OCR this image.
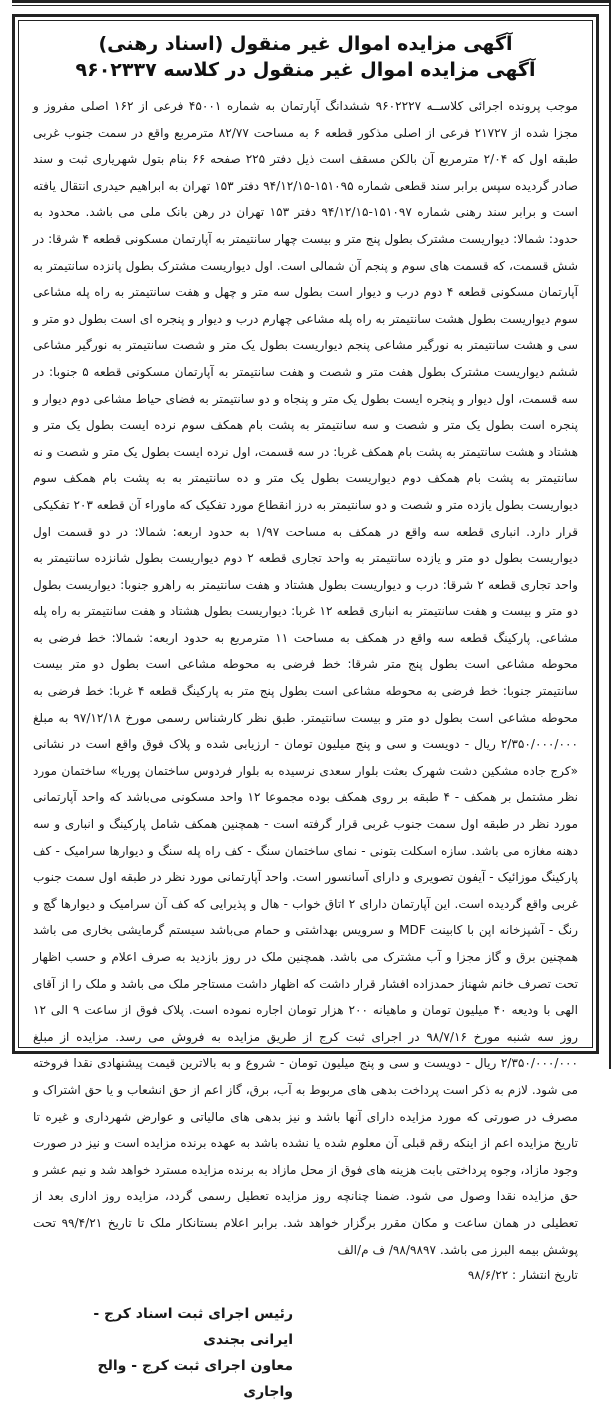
آگهی مزایده اموال غیر منقول (اسناد رهنی)
آگهی مزایده اموال غیر منقول در کلاسه ۹۶۰۲۳۳۷

موجب پرونده اجرائی کلاســه ۹۶۰۲۲۲۷ ششدانگ آپارتمان به شماره ۴۵۰۰۱ فرعی از ۱۶۲ اصلی مفروز و مجزا شده از ۲۱۷۲۷ فرعی از اصلی مذکور قطعه ۶ به مساحت ۸۲/۷۷ مترمربع واقع در سمت جنوب غربی طبقه اول که ۲/۰۴ مترمربع آن بالکن مسقف است ذیل دفتر ۲۲۵ صفحه ۶۶ بنام بتول شهریاری ثبت و سند صادر گردیده سپس برابر سند قطعی شماره ۱۵۱۰۹۵-۹۴/۱۲/۱۵ دفتر ۱۵۳ تهران به ابراهیم حیدری انتقال یافته است و برابر سند رهنی شماره ۱۵۱۰۹۷-۹۴/۱۲/۱۵ دفتر ۱۵۳ تهران در رهن بانک ملی می باشد. محدود به حدود: شمالا: دیواریست مشترک بطول پنج متر و بیست چهار سانتیمتر به آپارتمان مسکونی قطعه ۴ شرقا: در شش قسمت، که قسمت های سوم و پنجم آن شمالی است. اول دیواریست مشترک بطول پانزده سانتیمتر به آپارتمان مسکونی قطعه ۴ دوم درب و دیوار است بطول سه متر و چهل و هفت سانتیمتر به راه پله مشاعی سوم دیواریست بطول هشت سانتیمتر به راه پله مشاعی چهارم درب و دیوار و پنجره ای است بطول دو متر و سی و هشت سانتیمتر به نورگیر مشاعی پنجم دیواریست بطول یک متر و شصت سانتیمتر به نورگیر مشاعی ششم دیواریست مشترک بطول هفت متر و شصت و هفت سانتیمتر به آپارتمان مسکونی قطعه ۵ جنوبا: در سه قسمت، اول دیوار و پنجره ایست بطول یک متر و پنجاه و دو سانتیمتر به فضای حیاط مشاعی دوم دیوار و پنجره است بطول یک متر و شصت و سه سانتیمتر به پشت بام همکف سوم نرده ایست بطول یک متر و هشتاد و هشت سانتیمتر به پشت بام همکف غربا: در سه قسمت، اول نرده ایست بطول یک متر و شصت و نه سانتیمتر به پشت بام همکف دوم دیواریست بطول یک متر و ده سانتیمتر به به پشت بام همکف سوم دیواریست بطول یازده متر و شصت و دو سانتیمتر به درز انقطاع مورد تفکیک که ماوراء آن قطعه ۲۰۳ تفکیکی قرار دارد. انباری قطعه سه واقع در همکف به مساحت ۱/۹۷ به حدود اربعه: شمالا: در دو قسمت اول دیواریست بطول دو متر و یازده سانتیمتر به واحد تجاری قطعه ۲ دوم دیواریست بطول شانزده سانتیمتر به واحد تجاری قطعه ۲ شرقا: درب و دیواریست بطول هشتاد و هفت سانتیمتر به راهرو جنوبا: دیواریست بطول دو متر و بیست و هفت سانتیمتر به انباری قطعه ۱۲ غربا: دیواریست بطول هشتاد و هفت سانتیمتر به راه پله مشاعی. پارکینگ قطعه سه واقع در همکف به مساحت ۱۱ مترمربع به حدود اربعه: شمالا: خط فرضی به محوطه مشاعی است بطول پنج متر شرقا: خط فرضی به محوطه مشاعی است بطول دو متر بیست سانتیمتر جنوبا: خط فرضی به محوطه مشاعی است بطول پنج متر به پارکینگ قطعه ۴ غربا: خط فرضی به محوطه مشاعی است بطول دو متر و بیست سانتیمتر. طبق نظر کارشناس رسمی مورخ ۹۷/۱۲/۱۸ به مبلغ ۲/۳۵۰/۰۰۰/۰۰۰ ریال - دویست و سی و پنج میلیون تومان - ارزیابی شده و پلاک فوق واقع است در نشانی «کرج جاده مشکین دشت شهرک بعثت بلوار سعدی نرسیده به بلوار فردوس ساختمان پوریا» ساختمان مورد نظر مشتمل بر همکف - ۴ طبقه بر روی همکف بوده مجموعا ۱۲ واحد مسکونی می‌باشد که واحد آپارتمانی مورد نظر در طبقه اول سمت جنوب غربی قرار گرفته است - همچنین همکف شامل پارکینگ و انباری و سه دهنه مغازه می باشد. سازه اسکلت بتونی - نمای ساختمان سنگ - کف راه پله سنگ و دیوارها سرامیک - کف پارکینگ موزائیک - آیفون تصویری و دارای آسانسور است. واحد آپارتمانی مورد نظر در طبقه اول سمت جنوب غربی واقع گردیده است. این آپارتمان دارای ۲ اتاق خواب - هال و پذیرایی که کف آن سرامیک و دیوارها گچ و رنگ - آشپزخانه اپن با کابینت MDF و سرویس بهداشتی و حمام می‌باشد سیستم گرمایشی بخاری می باشد همچنین برق و گاز مجزا و آب مشترک می باشد. همچنین ملک در روز بازدید به صرف اعلام و حسب اظهار تحت تصرف خانم شهناز حمدزاده افشار قرار داشت که اظهار داشت مستاجر ملک می باشد و ملک را از آقای الهی با ودیعه ۴۰ میلیون تومان و ماهیانه ۲۰۰ هزار تومان اجاره نموده است. پلاک فوق از ساعت ۹ الی ۱۲ روز سه شنبه مورخ ۹۸/۷/۱۶ در اجرای ثبت کرج از طریق مزایده به فروش می رسد. مزایده از مبلغ ۲/۳۵۰/۰۰۰/۰۰۰ ریال - دویست و سی و پنج میلیون تومان - شروع و به بالاترین قیمت پیشنهادی نقدا فروخته می شود. لازم به ذکر است پرداخت بدهی های مربوط به آب، برق، گاز اعم از حق انشعاب و یا حق اشتراک و مصرف در صورتی که مورد مزایده دارای آنها باشد و نیز بدهی های مالیاتی و عوارض شهرداری و غیره تا تاریخ مزایده اعم از اینکه رقم قبلی آن معلوم شده یا نشده باشد به عهده برنده مزایده است و نیز در صورت وجود مازاد، وجوه پرداختی بابت هزینه های فوق از محل مازاد به برنده مزایده مسترد خواهد شد و نیم عشر و حق مزایده نقدا وصول می شود. ضمنا چنانچه روز مزایده تعطیل رسمی گردد، مزایده روز اداری بعد از تعطیلی در همان ساعت و مکان مقرر برگزار خواهد شد. برابر اعلام بستانکار ملک تا تاریخ ۹۹/۴/۲۱ تحت پوشش بیمه البرز می باشد. ۹۸/۹۸۹۷/ ف م/الف

تاریخ انتشار : ۹۸/۶/۲۲

رئیس اجرای ثبت اسناد کرج - ایرانی بجندی
معاون اجرای ثبت کرج - والح واجاری
